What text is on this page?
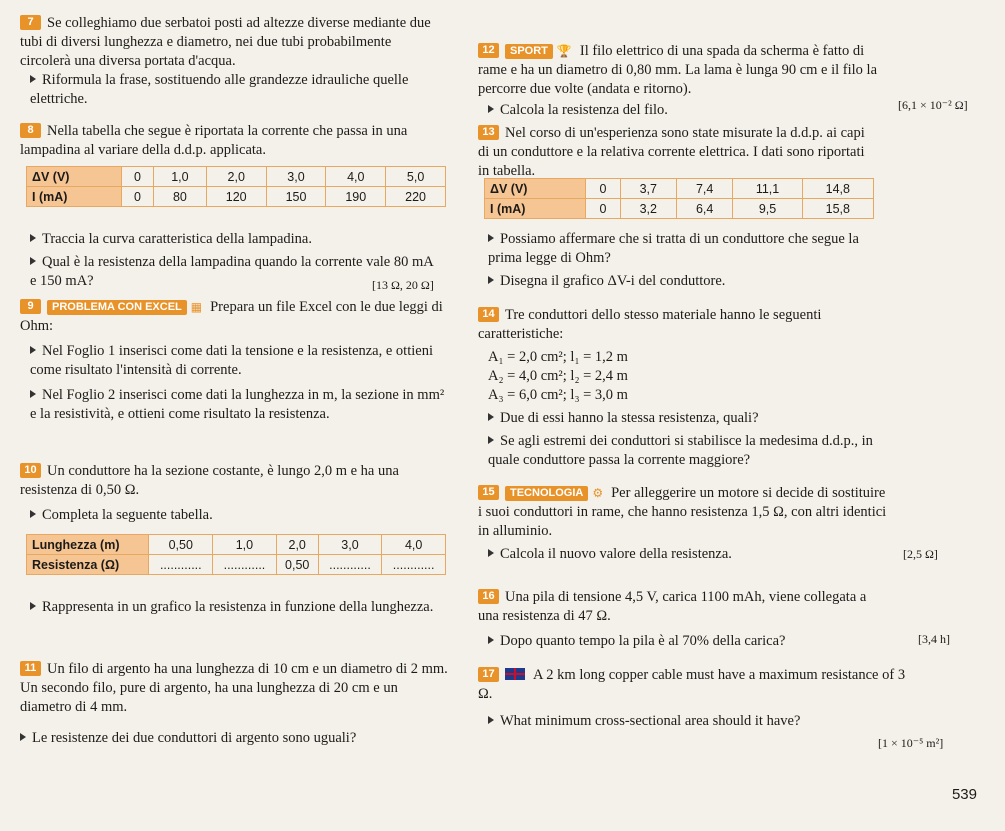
7 Se colleghiamo due serbatoi posti ad altezze diverse mediante due tubi di diversi lunghezza e diametro, nei due tubi probabilmente circolerà una diversa portata d'acqua.
Riformula la frase, sostituendo alle grandezze idrauliche quelle elettriche.
8 Nella tabella che segue è riportata la corrente che passa in una lampadina al variare della d.d.p. applicata.
ΔV (V)	0	1,0	2,0	3,0	4,0	5,0
I (mA)	0	80	120	150	190	220
Traccia la curva caratteristica della lampadina.
Qual è la resistenza della lampadina quando la corrente vale 80 mA e 150 mA?	[13 Ω, 20 Ω]
9 PROBLEMA CON EXCEL ▦ Prepara un file Excel con le due leggi di Ohm:
Nel Foglio 1 inserisci come dati la tensione e la resistenza, e ottieni come risultato l'intensità di corrente.
Nel Foglio 2 inserisci come dati la lunghezza in m, la sezione in mm² e la resistività, e ottieni come risultato la resistenza.
10 Un conduttore ha la sezione costante, è lungo 2,0 m e ha una resistenza di 0,50 Ω.
Completa la seguente tabella.
Lunghezza (m)	0,50	1,0	2,0	3,0	4,0
Resistenza (Ω)	............	............	0,50	............	............
Rappresenta in un grafico la resistenza in funzione della lunghezza.
11 Un filo di argento ha una lunghezza di 10 cm e un diametro di 2 mm. Un secondo filo, pure di argento, ha una lunghezza di 20 cm e un diametro di 4 mm.
Le resistenze dei due conduttori di argento sono uguali?
12 SPORT 🏆 Il filo elettrico di una spada da scherma è fatto di rame e ha un diametro di 0,80 mm. La lama è lunga 90 cm e il filo la percorre due volte (andata e ritorno).
Calcola la resistenza del filo.	[6,1 × 10⁻² Ω]
13 Nel corso di un'esperienza sono state misurate la d.d.p. ai capi di un conduttore e la relativa corrente elettrica. I dati sono riportati in tabella.
ΔV (V)	0	3,7	7,4	11,1	14,8
I (mA)	0	3,2	6,4	9,5	15,8
Possiamo affermare che si tratta di un conduttore che segue la prima legge di Ohm?
Disegna il grafico ΔV-i del conduttore.
14 Tre conduttori dello stesso materiale hanno le seguenti caratteristiche:
A₁ = 2,0 cm²; l₁ = 1,2 m
A₂ = 4,0 cm²; l₂ = 2,4 m
A₃ = 6,0 cm²; l₃ = 3,0 m
Due di essi hanno la stessa resistenza, quali?
Se agli estremi dei conduttori si stabilisce la medesima d.d.p., in quale conduttore passa la corrente maggiore?
15 TECNOLOGIA ⚙ Per alleggerire un motore si decide di sostituire i suoi conduttori in rame, che hanno resistenza 1,5 Ω, con altri identici in alluminio.
Calcola il nuovo valore della resistenza.	[2,5 Ω]
16 Una pila di tensione 4,5 V, carica 1100 mAh, viene collegata a una resistenza di 47 Ω.
Dopo quanto tempo la pila è al 70% della carica?	[3,4 h]
17	A 2 km long copper cable must have a maximum resistance of 3 Ω.
What minimum cross-sectional area should it have?
[1 × 10⁻⁵ m²]
539
